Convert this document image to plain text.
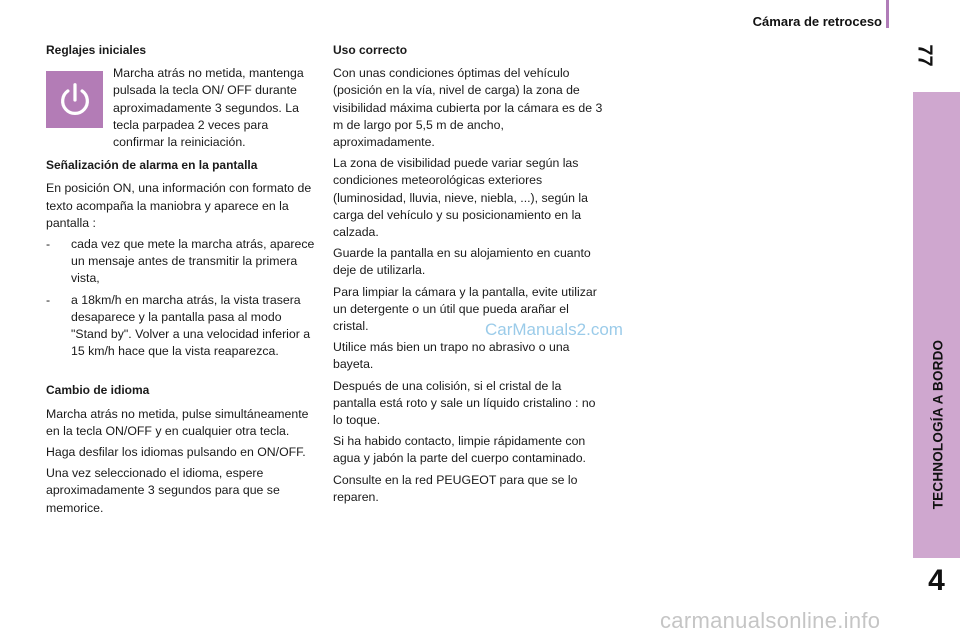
Cámara de retroceso
77
TECHNOLOGÍA A BORDO
4
Reglajes iniciales

Marcha atrás no metida, mantenga pulsada la tecla ON/ OFF durante aproximadamente 3 segundos. La tecla parpadea 2 veces para confirmar la reiniciación.

Señalización de alarma en la pantalla

En posición ON, una información con formato de texto acompaña la maniobra y aparece en la pantalla :

- cada vez que mete la marcha atrás, aparece un mensaje antes de transmitir la primera vista,
- a 18km/h en marcha atrás, la vista trasera desaparece y la pantalla pasa al modo "Stand by". Volver a una velocidad inferior a 15 km/h hace que la vista reaparezca.
Cambio de idioma

Marcha atrás no metida, pulse simultáneamente en la tecla ON/OFF y en cualquier otra tecla.

Haga desfilar los idiomas pulsando en ON/OFF.

Una vez seleccionado el idioma, espere aproximadamente 3 segundos para que se memorice.

Uso correcto

Con unas condiciones óptimas del vehículo (posición en la vía, nivel de carga) la zona de visibilidad máxima cubierta por la cámara es de 3 m de largo por 5,5 m de ancho, aproximadamente.

La zona de visibilidad puede variar según las condiciones meteorológicas exteriores (luminosidad, lluvia, nieve, niebla, ...), según la carga del vehículo y su posicionamiento en la calzada.

Guarde la pantalla en su alojamiento en cuanto deje de utilizarla.

Para limpiar la cámara y la pantalla, evite utilizar un detergente o un útil que pueda arañar el cristal.

Utilice más bien un trapo no abrasivo o una bayeta.

Después de una colisión, si el cristal de la pantalla está roto y sale un líquido cristalino : no lo toque.

Si ha habido contacto, limpie rápidamente con agua y jabón la parte del cuerpo contaminado.

Consulte en la red PEUGEOT para que se lo reparen.

CarManuals2.com
carmanualsonline.info
